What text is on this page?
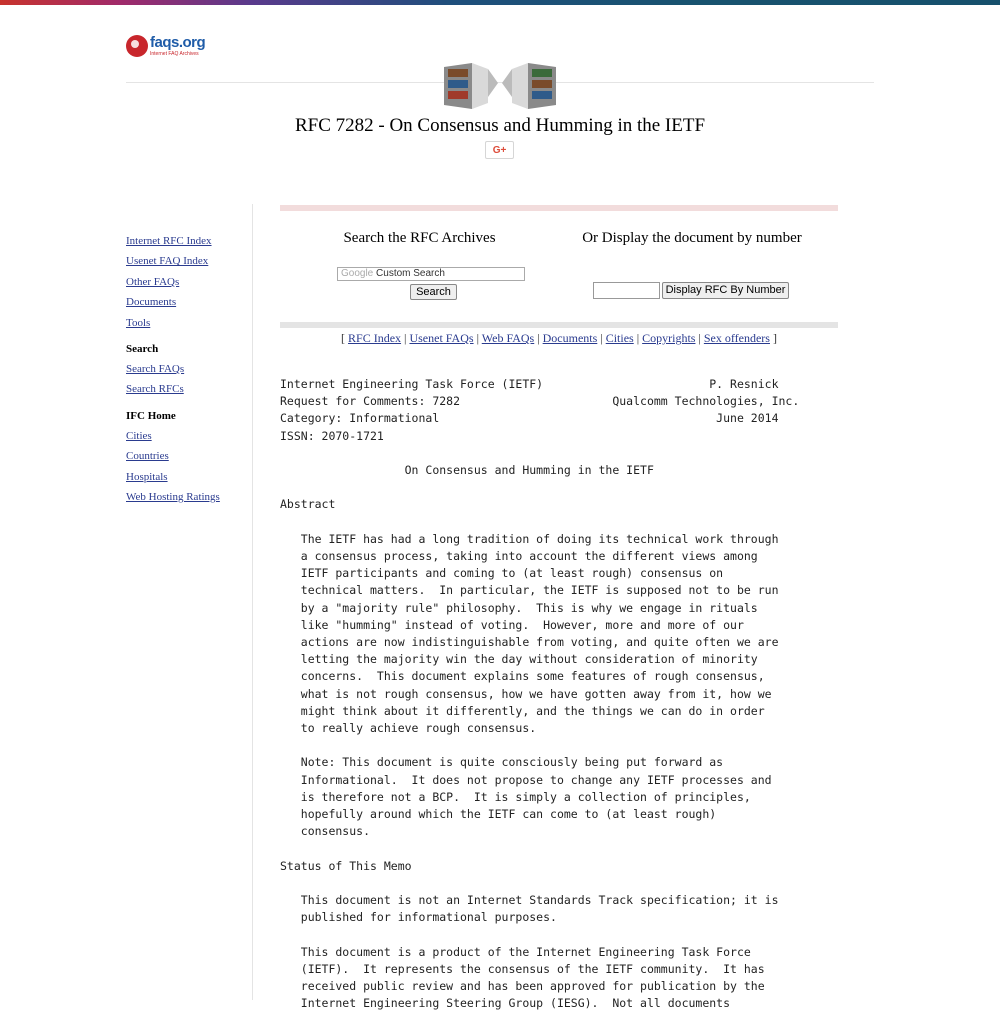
faqs.org
Internet FAQ Archives
RFC 7282 - On Consensus and Humming in the IETF
G+
Internet RFC Index
Usenet FAQ Index
Other FAQs
Documents
Tools
Search
Search FAQs
Search RFCs
IFC Home
Cities
Countries
Hospitals
Web Hosting Ratings
Search the RFC Archives
Google Custom Search
Search
Or Display the document by number
Display RFC By Number
[ RFC Index | Usenet FAQs | Web FAQs | Documents | Cities | Copyrights | Sex offenders ]
Internet Engineering Task Force (IETF)                        P. Resnick
Request for Comments: 7282                      Qualcomm Technologies, Inc.
Category: Informational                                        June 2014
ISSN: 2070-1721

On Consensus and Humming in the IETF

Abstract

The IETF has had a long tradition of doing its technical work through
a consensus process, taking into account the different views among
IETF participants and coming to (at least rough) consensus on
technical matters.  In particular, the IETF is supposed not to be run
by a "majority rule" philosophy.  This is why we engage in rituals
like "humming" instead of voting.  However, more and more of our
actions are now indistinguishable from voting, and quite often we are
letting the majority win the day without consideration of minority
concerns.  This document explains some features of rough consensus,
what is not rough consensus, how we have gotten away from it, how we
might think about it differently, and the things we can do in order
to really achieve rough consensus.

Note: This document is quite consciously being put forward as
Informational.  It does not propose to change any IETF processes and
is therefore not a BCP.  It is simply a collection of principles,
hopefully around which the IETF can come to (at least rough)
consensus.

Status of This Memo

This document is not an Internet Standards Track specification; it is
published for informational purposes.

This document is a product of the Internet Engineering Task Force
(IETF).  It represents the consensus of the IETF community.  It has
received public review and has been approved for publication by the
Internet Engineering Steering Group (IESG).  Not all documents
